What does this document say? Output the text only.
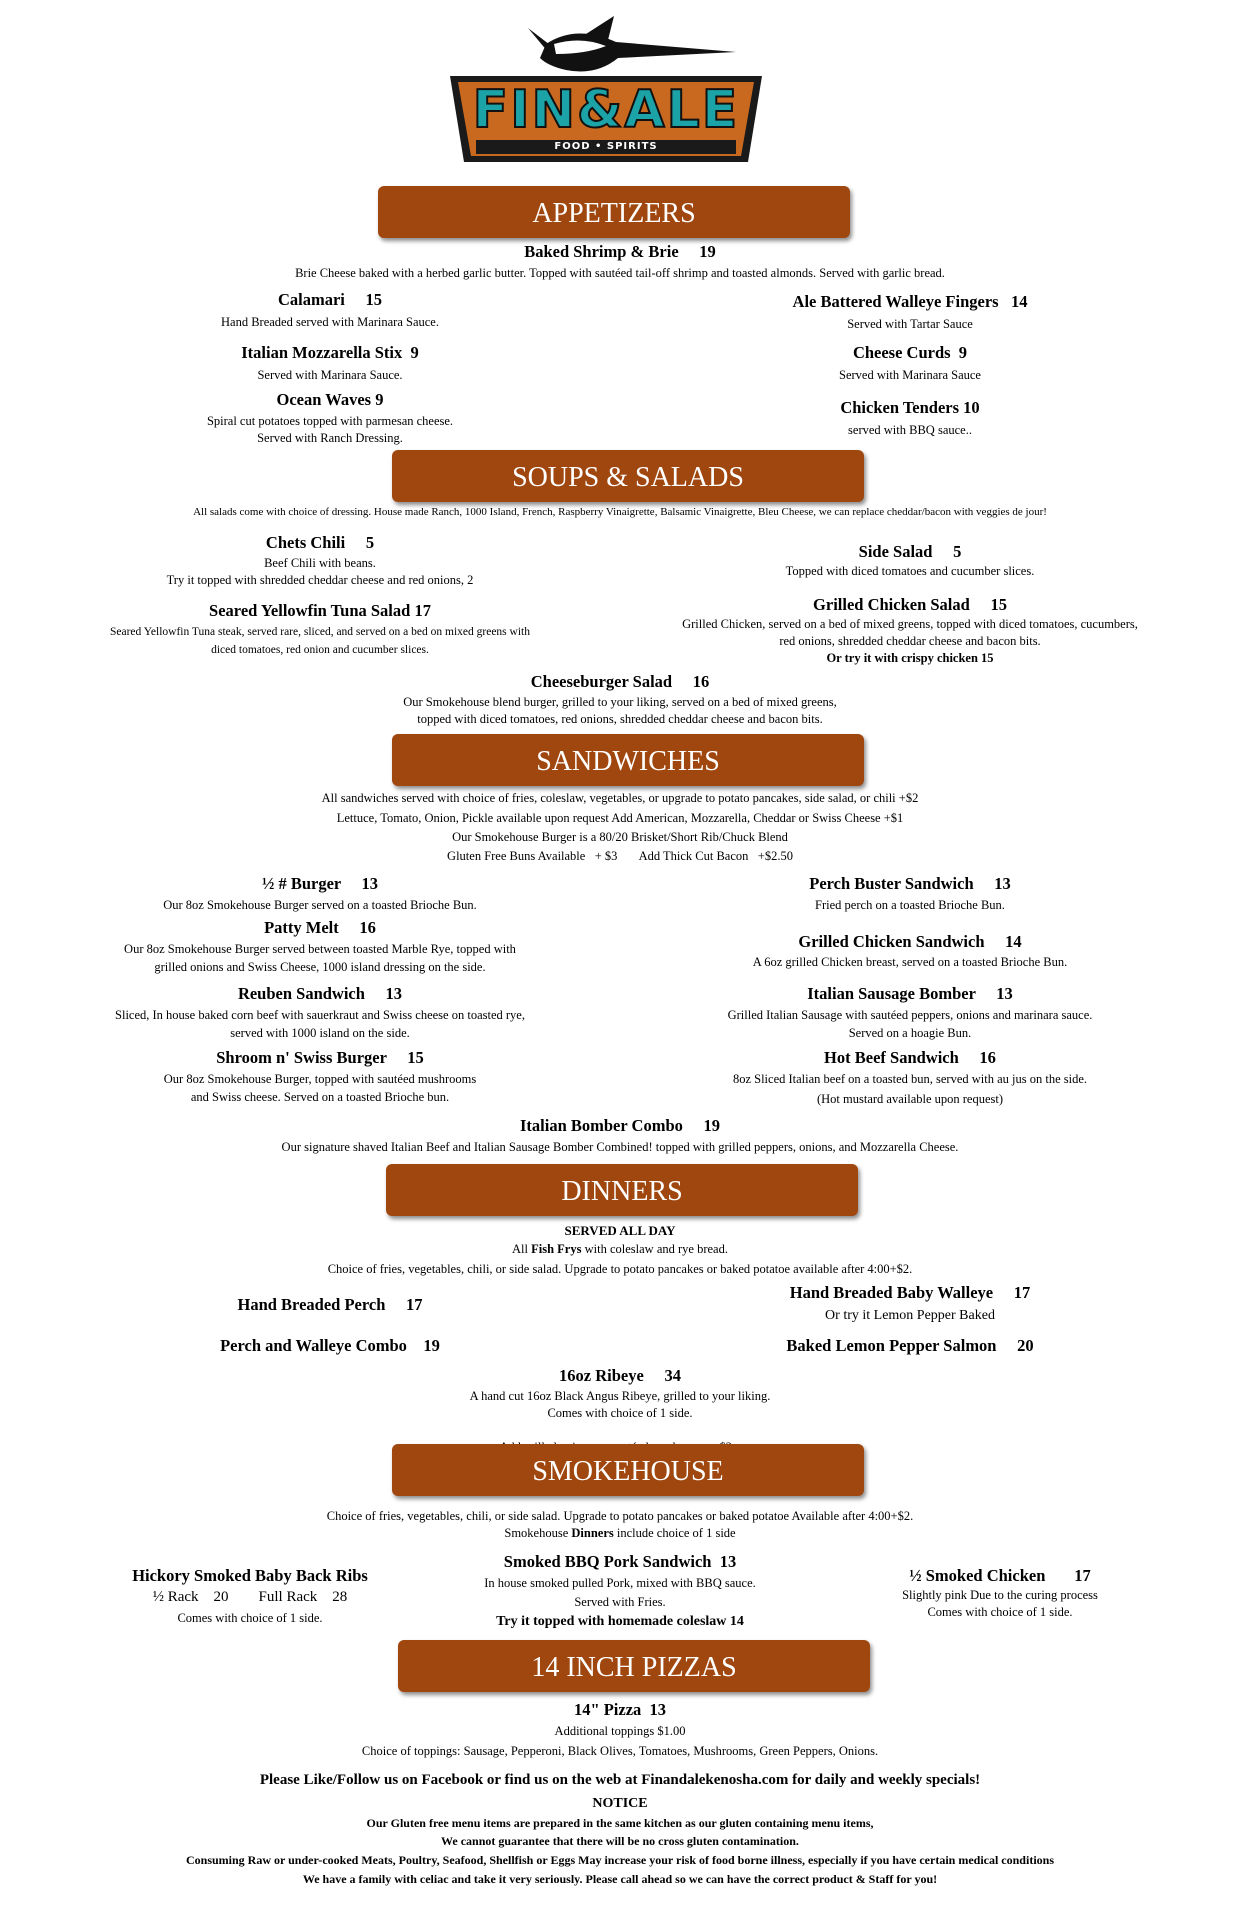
FIN&ALE
FOOD • SPIRITS
APPETIZERS
Baked Shrimp & Brie     19
Brie Cheese baked with a herbed garlic butter. Topped with sautéed tail-off shrimp and toasted almonds. Served with garlic bread.
Calamari     15
Hand Breaded served with Marinara Sauce.
Ale Battered Walleye Fingers   14
Served with Tartar Sauce
Italian Mozzarella Stix  9
Served with Marinara Sauce.
Cheese Curds  9
Served with Marinara Sauce
Ocean Waves 9
Spiral cut potatoes topped with parmesan cheese.
Served with Ranch Dressing.
Chicken Tenders 10
served with BBQ sauce..
SOUPS & SALADS
All salads come with choice of dressing. House made Ranch, 1000 Island, French, Raspberry Vinaigrette, Balsamic Vinaigrette, Bleu Cheese, we can replace cheddar/bacon with veggies de jour!
Chets Chili     5
Beef Chili with beans.
Try it topped with shredded cheddar cheese and red onions, 2
Side Salad     5
Topped with diced tomatoes and cucumber slices.
Seared Yellowfin Tuna Salad 17
Seared Yellowfin Tuna steak, served rare, sliced, and served on a bed on mixed greens with
diced tomatoes, red onion and cucumber slices.
Grilled Chicken Salad     15
Grilled Chicken, served on a bed of mixed greens, topped with diced tomatoes, cucumbers,
red onions, shredded cheddar cheese and bacon bits.
Or try it with crispy chicken 15
Cheeseburger Salad     16
Our Smokehouse blend burger, grilled to your liking, served on a bed of mixed greens,
topped with diced tomatoes, red onions, shredded cheddar cheese and bacon bits.
SANDWICHES
All sandwiches served with choice of fries, coleslaw, vegetables, or upgrade to potato pancakes, side salad, or chili +$2
Lettuce, Tomato, Onion, Pickle available upon request Add American, Mozzarella, Cheddar or Swiss Cheese +$1
Our Smokehouse Burger is a 80/20 Brisket/Short Rib/Chuck Blend
Gluten Free Buns Available   + $3       Add Thick Cut Bacon   +$2.50
½ # Burger     13
Our 8oz Smokehouse Burger served on a toasted Brioche Bun.
Perch Buster Sandwich     13
Fried perch on a toasted Brioche Bun.
Patty Melt     16
Our 8oz Smokehouse Burger served between toasted Marble Rye, topped with
grilled onions and Swiss Cheese, 1000 island dressing on the side.
Grilled Chicken Sandwich     14
A 6oz grilled Chicken breast, served on a toasted Brioche Bun.
Reuben Sandwich     13
Sliced, In house baked corn beef with sauerkraut and Swiss cheese on toasted rye,
served with 1000 island on the side.
Italian Sausage Bomber     13
Grilled Italian Sausage with sautéed peppers, onions and marinara sauce.
Served on a hoagie Bun.
Shroom n' Swiss Burger     15
Our 8oz Smokehouse Burger, topped with sautéed mushrooms
and Swiss cheese. Served on a toasted Brioche bun.
Hot Beef Sandwich     16
8oz Sliced Italian beef on a toasted bun, served with au jus on the side.
(Hot mustard available upon request)
Italian Bomber Combo     19
Our signature shaved Italian Beef and Italian Sausage Bomber Combined! topped with grilled peppers, onions, and Mozzarella Cheese.
DINNERS
SERVED ALL DAY
All Fish Frys with coleslaw and rye bread.
Choice of fries, vegetables, chili, or side salad. Upgrade to potato pancakes or baked potatoe available after 4:00+$2.
Hand Breaded Perch     17
Hand Breaded Baby Walleye     17
Or try it Lemon Pepper Baked
Perch and Walleye Combo    19	Baked Lemon Pepper Salmon     20
16oz Ribeye     34
A hand cut 16oz Black Angus Ribeye, grilled to your liking.
Comes with choice of 1 side.

SMOKEHOUSE
Choice of fries, vegetables, chili, or side salad. Upgrade to potato pancakes or baked potatoe Available after 4:00+$2.
Smokehouse Dinners include choice of 1 side
Hickory Smoked Baby Back Ribs
½ Rack    20        Full Rack    28
Comes with choice of 1 side.
Smoked BBQ Pork Sandwich  13
In house smoked pulled Pork, mixed with BBQ sauce.
Served with Fries.
Try it topped with homemade coleslaw 14
½ Smoked Chicken       17
Slightly pink Due to the curing process
Comes with choice of 1 side.
14 INCH PIZZAS
14" Pizza  13
Additional toppings $1.00
Choice of toppings: Sausage, Pepperoni, Black Olives, Tomatoes, Mushrooms, Green Peppers, Onions.
Please Like/Follow us on Facebook or find us on the web at Finandalekenosha.com for daily and weekly specials!
NOTICE
Our Gluten free menu items are prepared in the same kitchen as our gluten containing menu items,
We cannot guarantee that there will be no cross gluten contamination.
Consuming Raw or under-cooked Meats, Poultry, Seafood, Shellfish or Eggs May increase your risk of food borne illness, especially if you have certain medical conditions
We have a family with celiac and take it very seriously. Please call ahead so we can have the correct product & Staff for you!
